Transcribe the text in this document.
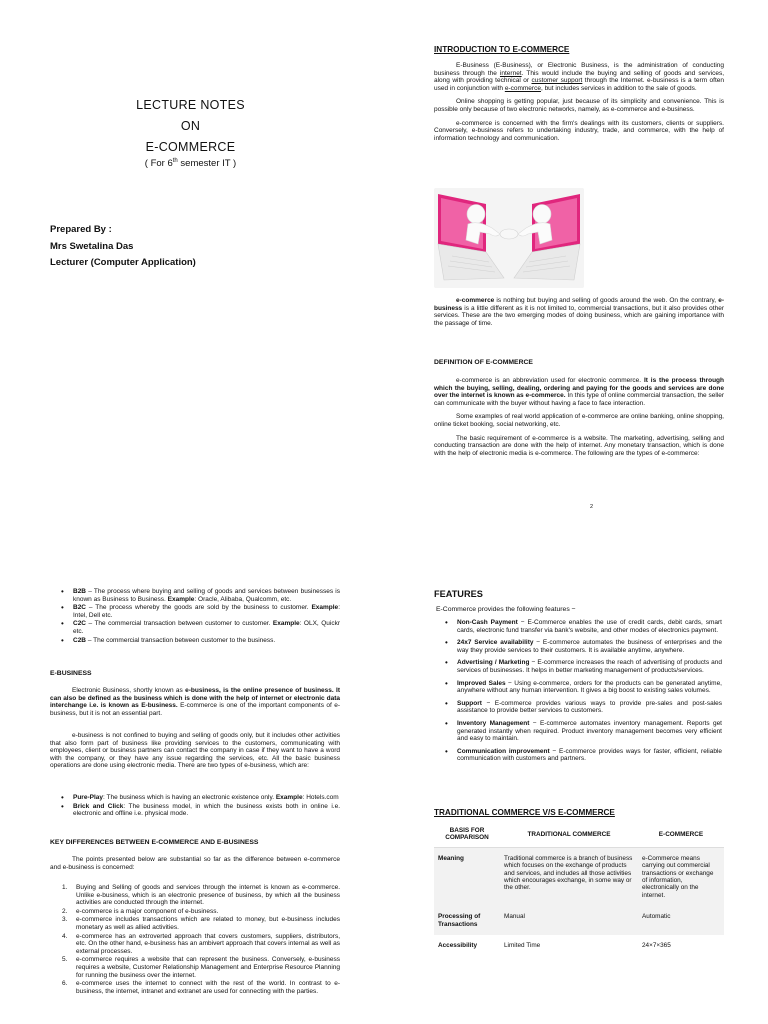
LECTURE NOTES
ON
E-COMMERCE
( For 6th semester IT )
Prepared By :
Mrs Swetalina Das
Lecturer (Computer Application)
INTRODUCTION TO E-COMMERCE

E-Business (E-Business), or Electronic Business, is the administration of conducting business through the internet. This would include the buying and selling of goods and services, along with providing technical or customer support through the Internet. e-business is a term often used in conjunction with e-commerce, but includes services in addition to the sale of goods.

Online shopping is getting popular, just because of its simplicity and convenience. This is possible only because of two electronic networks, namely, as e-commerce and e-business.

e-commerce is concerned with the firm's dealings with its customers, clients or suppliers. Conversely, e-business refers to undertaking industry, trade, and commerce, with the help of information technology and communication.

e-commerce is nothing but buying and selling of goods around the web. On the contrary, e-business is a little different as it is not limited to, commercial transactions, but it also provides other services. These are the two emerging modes of doing business, which are gaining importance with the passage of time.

DEFINITION OF E-COMMERCE

e-commerce is an abbreviation used for electronic commerce. It is the process through which the buying, selling, dealing, ordering and paying for the goods and services are done over the internet is known as e-commerce. In this type of online commercial transaction, the seller can communicate with the buyer without having a face to face interaction.

Some examples of real world application of e-commerce are online banking, online shopping, online ticket booking, social networking, etc.

The basic requirement of e-commerce is a website. The marketing, advertising, selling and conducting transaction are done with the help of internet. Any monetary transaction, which is done with the help of electronic media is e-commerce. The following are the types of e-commerce:

2
• B2B – The process where buying and selling of goods and services between businesses is known as Business to Business. Example: Oracle, Alibaba, Qualcomm, etc.
• B2C – The process whereby the goods are sold by the business to customer. Example: Intel, Dell etc.
• C2C – The commercial transaction between customer to customer. Example: OLX, Quickr etc.
• C2B – The commercial transaction between customer to the business.
E-BUSINESS

Electronic Business, shortly known as e-business, is the online presence of business. It can also be defined as the business which is done with the help of internet or electronic data interchange i.e. is known as E-business. E-commerce is one of the important components of e-business, but it is not an essential part.

e-business is not confined to buying and selling of goods only, but it includes other activities that also form part of business like providing services to the customers, communicating with employees, client or business partners can contact the company in case if they want to have a word with the company, or they have any issue regarding the services, etc. All the basic business operations are done using electronic media. There are two types of e-business, which are:

• Pure-Play: The business which is having an electronic existence only. Example: Hotels.com
• Brick and Click: The business model, in which the business exists both in online i.e. electronic and offline i.e. physical mode.
KEY DIFFERENCES BETWEEN E-COMMERCE AND E-BUSINESS

The points presented below are substantial so far as the difference between e-commerce and e-business is concerned:

1. Buying and Selling of goods and services through the internet is known as e-commerce. Unlike e-business, which is an electronic presence of business, by which all the business activities are conducted through the internet.
2. e-commerce is a major component of e-business.
3. e-commerce includes transactions which are related to money, but e-business includes monetary as well as allied activities.
4. e-commerce has an extroverted approach that covers customers, suppliers, distributors, etc. On the other hand, e-business has an ambivert approach that covers internal as well as external processes.
5. e-commerce requires a website that can represent the business. Conversely, e-business requires a website, Customer Relationship Management and Enterprise Resource Planning for running the business over the internet.
6. e-commerce uses the internet to connect with the rest of the world. In contrast to e-business, the internet, intranet and extranet are used for connecting with the parties.
FEATURES
E-Commerce provides the following features −
• Non-Cash Payment − E-Commerce enables the use of credit cards, debit cards, smart cards, electronic fund transfer via bank's website, and other modes of electronics payment.
• 24x7 Service availability − E-commerce automates the business of enterprises and the way they provide services to their customers. It is available anytime, anywhere.
• Advertising / Marketing − E-commerce increases the reach of advertising of products and services of businesses. It helps in better marketing management of products/services.
• Improved Sales − Using e-commerce, orders for the products can be generated anytime, anywhere without any human intervention. It gives a big boost to existing sales volumes.
• Support − E-commerce provides various ways to provide pre-sales and post-sales assistance to provide better services to customers.
• Inventory Management − E-commerce automates inventory management. Reports get generated instantly when required. Product inventory management becomes very efficient and easy to maintain.
• Communication improvement − E-commerce provides ways for faster, efficient, reliable communication with customers and partners.
TRADITIONAL COMMERCE V/S E-COMMERCE
BASIS FOR COMPARISON	TRADITIONAL COMMERCE	E-COMMERCE
Meaning	Traditional commerce is a branch of business which focuses on the exchange of products and services, and includes all those activities which encourages exchange, in some way or the other.	e-Commerce means carrying out commercial transactions or exchange of information, electronically on the internet.
Processing of Transactions	Manual	Automatic
Accessibility	Limited Time	24×7×365
